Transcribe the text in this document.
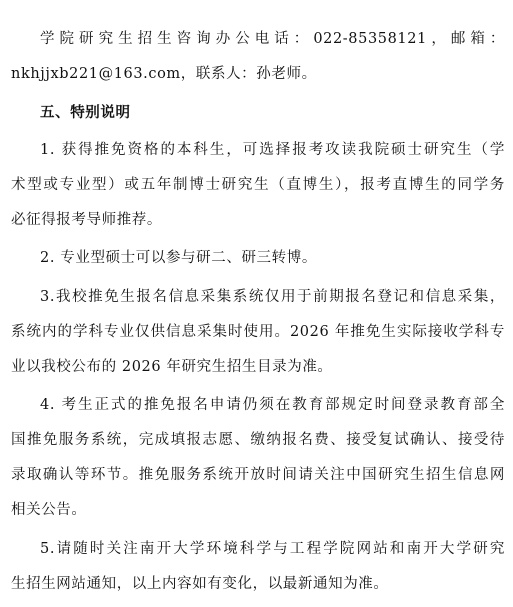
学院研究生招生咨询办公电话：022-85358121，邮箱：
nkhjjxb221@163.com，联系人：孙老师。
五、特别说明
1. 获得推免资格的本科生，可选择报考攻读我院硕士研究生（学
术型或专业型）或五年制博士研究生（直博生），报考直博生的同学务
必征得报考导师推荐。
2. 专业型硕士可以参与研二、研三转博。
3.我校推免生报名信息采集系统仅用于前期报名登记和信息采集，
系统内的学科专业仅供信息采集时使用。2026 年推免生实际接收学科专
业以我校公布的 2026 年研究生招生目录为准。
4. 考生正式的推免报名申请仍须在教育部规定时间登录教育部全
国推免服务系统，完成填报志愿、缴纳报名费、接受复试确认、接受待
录取确认等环节。推免服务系统开放时间请关注中国研究生招生信息网
相关公告。
5.请随时关注南开大学环境科学与工程学院网站和南开大学研究
生招生网站通知，以上内容如有变化，以最新通知为准。
